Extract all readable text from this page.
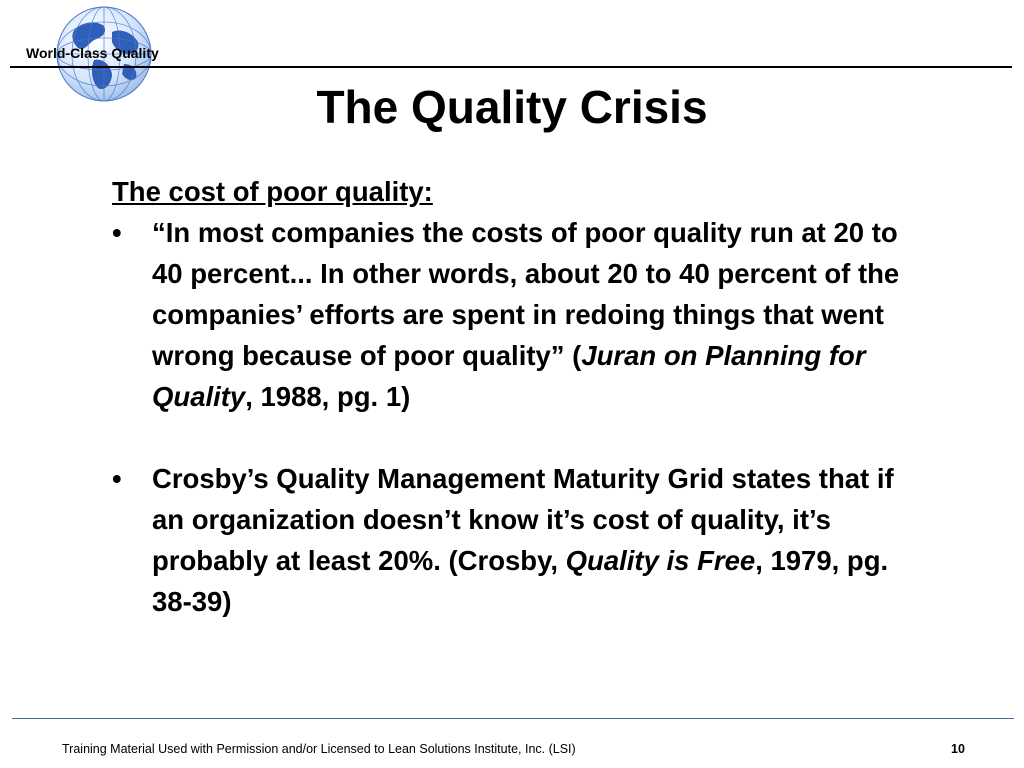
World-Class Quality
The Quality Crisis

The cost of poor quality:

• “In most companies the costs of poor quality run at 20 to 40 percent... In other words, about 20 to 40 percent of the companies’ efforts are spent in redoing things that went wrong because of poor quality” (Juran on Planning for Quality, 1988, pg. 1)
• Crosby’s Quality Management Maturity Grid states that if an organization doesn’t know it’s cost of quality, it’s probably at least 20%. (Crosby, Quality is Free, 1979, pg. 38-39)
Training Material Used with Permission and/or Licensed to Lean Solutions Institute, Inc. (LSI)	10
